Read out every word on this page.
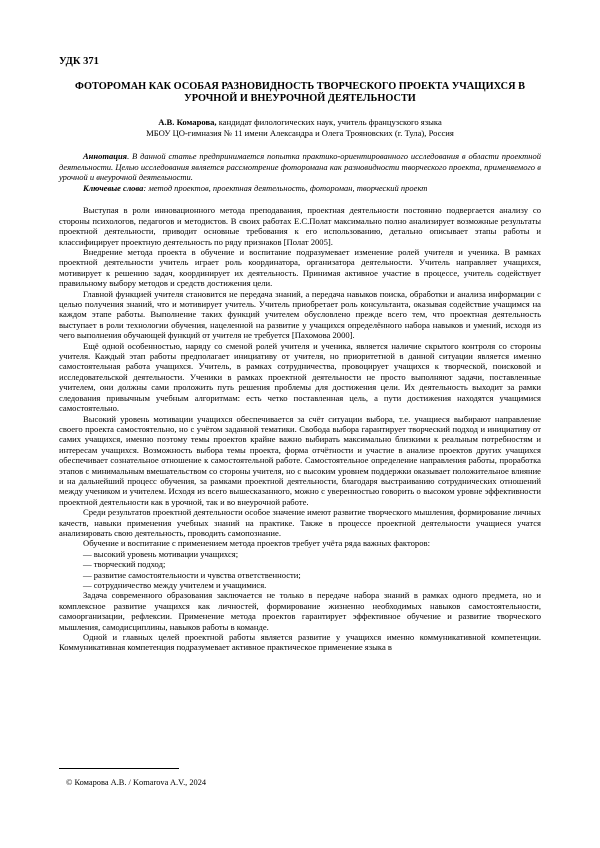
УДК 371
ФОТОРОМАН КАК ОСОБАЯ РАЗНОВИДНОСТЬ ТВОРЧЕСКОГО ПРОЕКТА УЧАЩИХСЯ В УРОЧНОЙ И ВНЕУРОЧНОЙ ДЕЯТЕЛЬНОСТИ
А.В. Комарова, кандидат филологических наук, учитель французского языка
МБОУ ЦО-гимназия № 11 имени Александра и Олега Трояновских (г. Тула), Россия

Аннотация. В данной статье предпринимается попытка практико-ориентированного исследования в области проектной деятельности. Целью исследования является рассмотрение фоторомана как разновидности творческого проекта, применяемого в урочной и внеурочной деятельности.

Ключевые слова: метод проектов, проектная деятельность, фотороман, творческий проект

Выступая в роли инновационного метода преподавания, проектная деятельности постоянно подвергается анализу со стороны психологов, педагогов и методистов. В своих работах Е.С.Полат максимально полно анализирует возможные результаты проектной деятельности, приводит основные требования к его использованию, детально описывает этапы работы и классифицирует проектную деятельность по ряду признаков [Полат 2005].

Внедрение метода проекта в обучение и воспитание подразумевает изменение ролей учителя и ученика. В рамках проектной деятельности учитель играет роль координатора, организатора деятельности. Учитель направляет учащихся, мотивирует к решению задач, координирует их деятельность. Принимая активное участие в процессе, учитель содействует правильному выбору методов и средств достижения цели.

Главной функцией учителя становится не передача знаний, а передача навыков поиска, обработки и анализа информации с целью получения знаний, что и мотивирует учитель. Учитель приобретает роль консультанта, оказывая содействие учащимся на каждом этапе работы. Выполнение таких функций учителем обусловлено прежде всего тем, что проектная деятельность выступает в роли технологии обучения, нацеленной на развитие у учащихся определённого набора навыков и умений, исходя из чего выполнения обучающей функций от учителя не требуется [Пахомова 2000].

Ещё одной особенностью, наряду со сменой ролей учителя и ученика, является наличие скрытого контроля со стороны учителя. Каждый этап работы предполагает инициативу от учителя, но приоритетной в данной ситуации является именно самостоятельная работа учащихся. Учитель, в рамках сотрудничества, провоцирует учащихся к творческой, поисковой и исследовательской деятельности. Ученики в рамках проектной деятельности не просто выполняют задачи, поставленные учителем, они должны сами проложить путь решения проблемы для достижения цели. Их деятельность выходит за рамки следования привычным учебным алгоритмам: есть четко поставленная цель, а пути достижения находятся учащимися самостоятельно.

Высокий уровень мотивации учащихся обеспечивается за счёт ситуации выбора, т.е. учащиеся выбирают направление своего проекта самостоятельно, но с учётом заданной тематики. Свобода выбора гарантирует творческий подход и инициативу от самих учащихся, именно поэтому темы проектов крайне важно выбирать максимально близкими к реальным потребностям и интересам учащихся. Возможность выбора темы проекта, форма отчётности и участие в анализе проектов других учащихся обеспечивает сознательное отношение к самостоятельной работе. Самостоятельное определение направления работы, проработка этапов с минимальным вмешательством со стороны учителя, но с высоким уровнем поддержки оказывает положительное влияние и на дальнейший процесс обучения, за рамками проектной деятельности, благодаря выстраиванию сотруднических отношений между учеником и учителем. Исходя из всего вышесказанного, можно с уверенностью говорить о высоком уровне эффективности проектной деятельности как в урочной, так и во внеурочной работе.

Среди результатов проектной деятельности особое значение имеют развитие творческого мышления, формирование личных качеств, навыки применения учебных знаний на практике. Также в процессе проектной деятельности учащиеся учатся анализировать свою деятельность, проводить самопознание.

Обучение и воспитание с применением метода проектов требует учёта ряда важных факторов:

— высокий уровень мотивации учащихся;

— творческий подход;

— развитие самостоятельности и чувства ответственности;

— сотрудничество между учителем и учащимися.

Задача современного образования заключается не только в передаче набора знаний в рамках одного предмета, но и комплексное развитие учащихся как личностей, формирование жизненно необходимых навыков самостоятельности, самоорганизации, рефлексии. Применение метода проектов гарантирует эффективное обучение и развитие творческого мышления, самодисциплины, навыков работы в команде.

Одной и главных целей проектной работы является развитие у учащихся именно коммуникативной компетенции. Коммуникативная компетенция подразумевает активное практическое применение языка в

© Комарова А.В. / Komarova A.V., 2024
